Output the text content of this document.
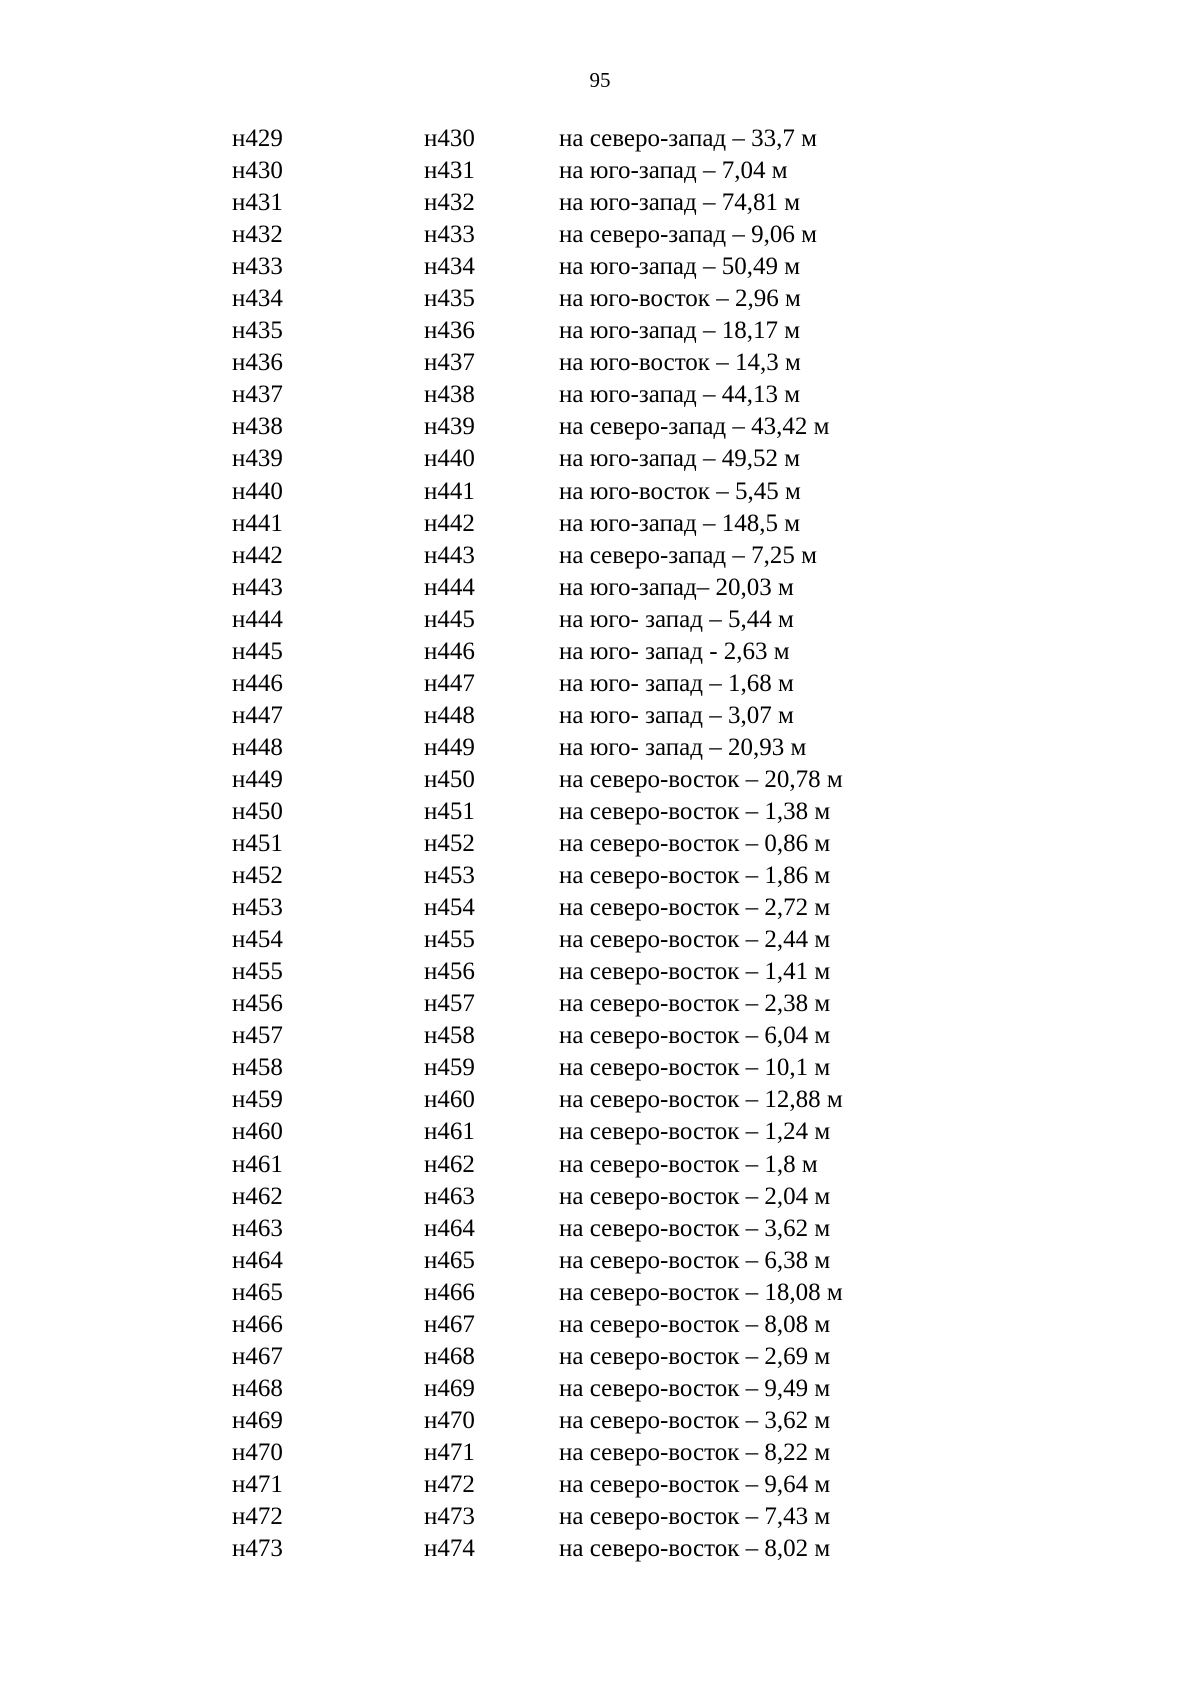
95
н429	н430	на северо-запад – 33,7 м
н430	н431	на юго-запад – 7,04 м
н431	н432	на юго-запад – 74,81 м
н432	н433	на северо-запад – 9,06 м
н433	н434	на юго-запад – 50,49 м
н434	н435	на юго-восток – 2,96 м
н435	н436	на юго-запад – 18,17 м
н436	н437	на юго-восток – 14,3 м
н437	н438	на юго-запад – 44,13 м
н438	н439	на северо-запад – 43,42 м
н439	н440	на юго-запад – 49,52 м
н440	н441	на юго-восток – 5,45 м
н441	н442	на юго-запад – 148,5 м
н442	н443	на северо-запад – 7,25 м
н443	н444	на юго-запад– 20,03 м
н444	н445	на юго- запад – 5,44 м
н445	н446	на юго- запад - 2,63 м
н446	н447	на юго- запад – 1,68 м
н447	н448	на юго- запад – 3,07 м
н448	н449	на юго- запад – 20,93 м
н449	н450	на северо-восток – 20,78 м
н450	н451	на северо-восток – 1,38 м
н451	н452	на северо-восток – 0,86 м
н452	н453	на северо-восток – 1,86 м
н453	н454	на северо-восток – 2,72 м
н454	н455	на северо-восток – 2,44 м
н455	н456	на северо-восток – 1,41 м
н456	н457	на северо-восток – 2,38 м
н457	н458	на северо-восток – 6,04 м
н458	н459	на северо-восток – 10,1 м
н459	н460	на северо-восток – 12,88 м
н460	н461	на северо-восток – 1,24 м
н461	н462	на северо-восток – 1,8 м
н462	н463	на северо-восток – 2,04 м
н463	н464	на северо-восток – 3,62 м
н464	н465	на северо-восток – 6,38 м
н465	н466	на северо-восток – 18,08 м
н466	н467	на северо-восток – 8,08 м
н467	н468	на северо-восток – 2,69 м
н468	н469	на северо-восток – 9,49 м
н469	н470	на северо-восток – 3,62 м
н470	н471	на северо-восток – 8,22 м
н471	н472	на северо-восток – 9,64 м
н472	н473	на северо-восток – 7,43 м
н473	н474	на северо-восток – 8,02 м
